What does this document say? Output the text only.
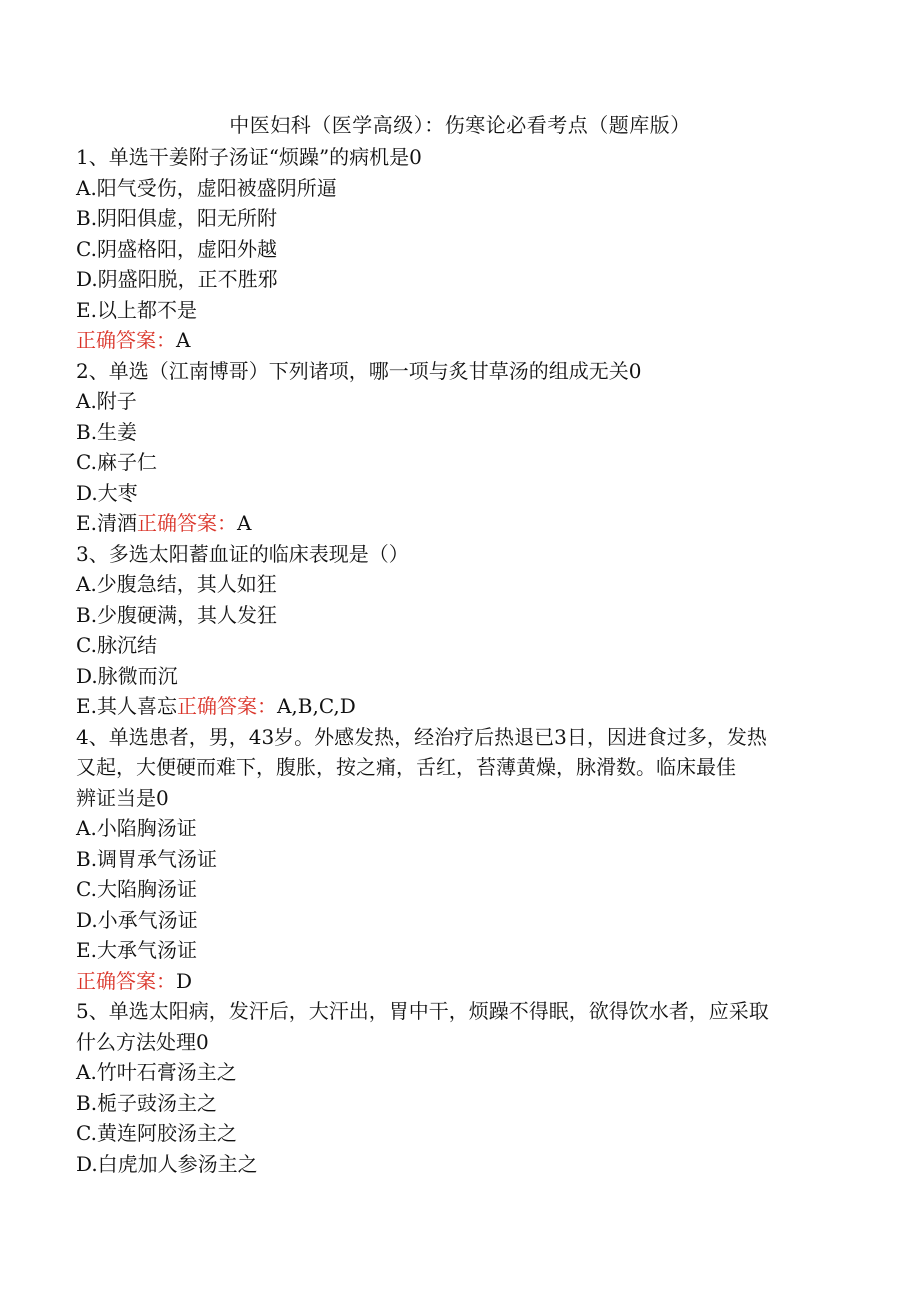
中医妇科（医学高级）：伤寒论必看考点（题库版）
1、单选干姜附子汤证“烦躁”的病机是0
A.阳气受伤，虚阳被盛阴所逼
B.阴阳俱虚，阳无所附
C.阴盛格阳，虚阳外越
D.阴盛阳脱，正不胜邪
E.以上都不是
正确答案：A
2、单选（江南博哥）下列诸项，哪一项与炙甘草汤的组成无关0
A.附子
B.生姜
C.麻子仁
D.大枣
E.清酒正确答案：A
3、多选太阳蓄血证的临床表现是（）
A.少腹急结，其人如狂
B.少腹硬满，其人发狂
C.脉沉结
D.脉微而沉
E.其人喜忘正确答案：A,B,C,D
4、单选患者，男，43岁。外感发热，经治疗后热退已3日，因进食过多，发热
又起，大便硬而难下，腹胀，按之痛，舌红，苔薄黄燥，脉滑数。临床最佳
辨证当是0
A.小陷胸汤证
B.调胃承气汤证
C.大陷胸汤证
D.小承气汤证
E.大承气汤证
正确答案：D
5、单选太阳病，发汗后，大汗出，胃中干，烦躁不得眠，欲得饮水者，应采取
什么方法处理0
A.竹叶石膏汤主之
B.栀子豉汤主之
C.黄连阿胶汤主之
D.白虎加人参汤主之
